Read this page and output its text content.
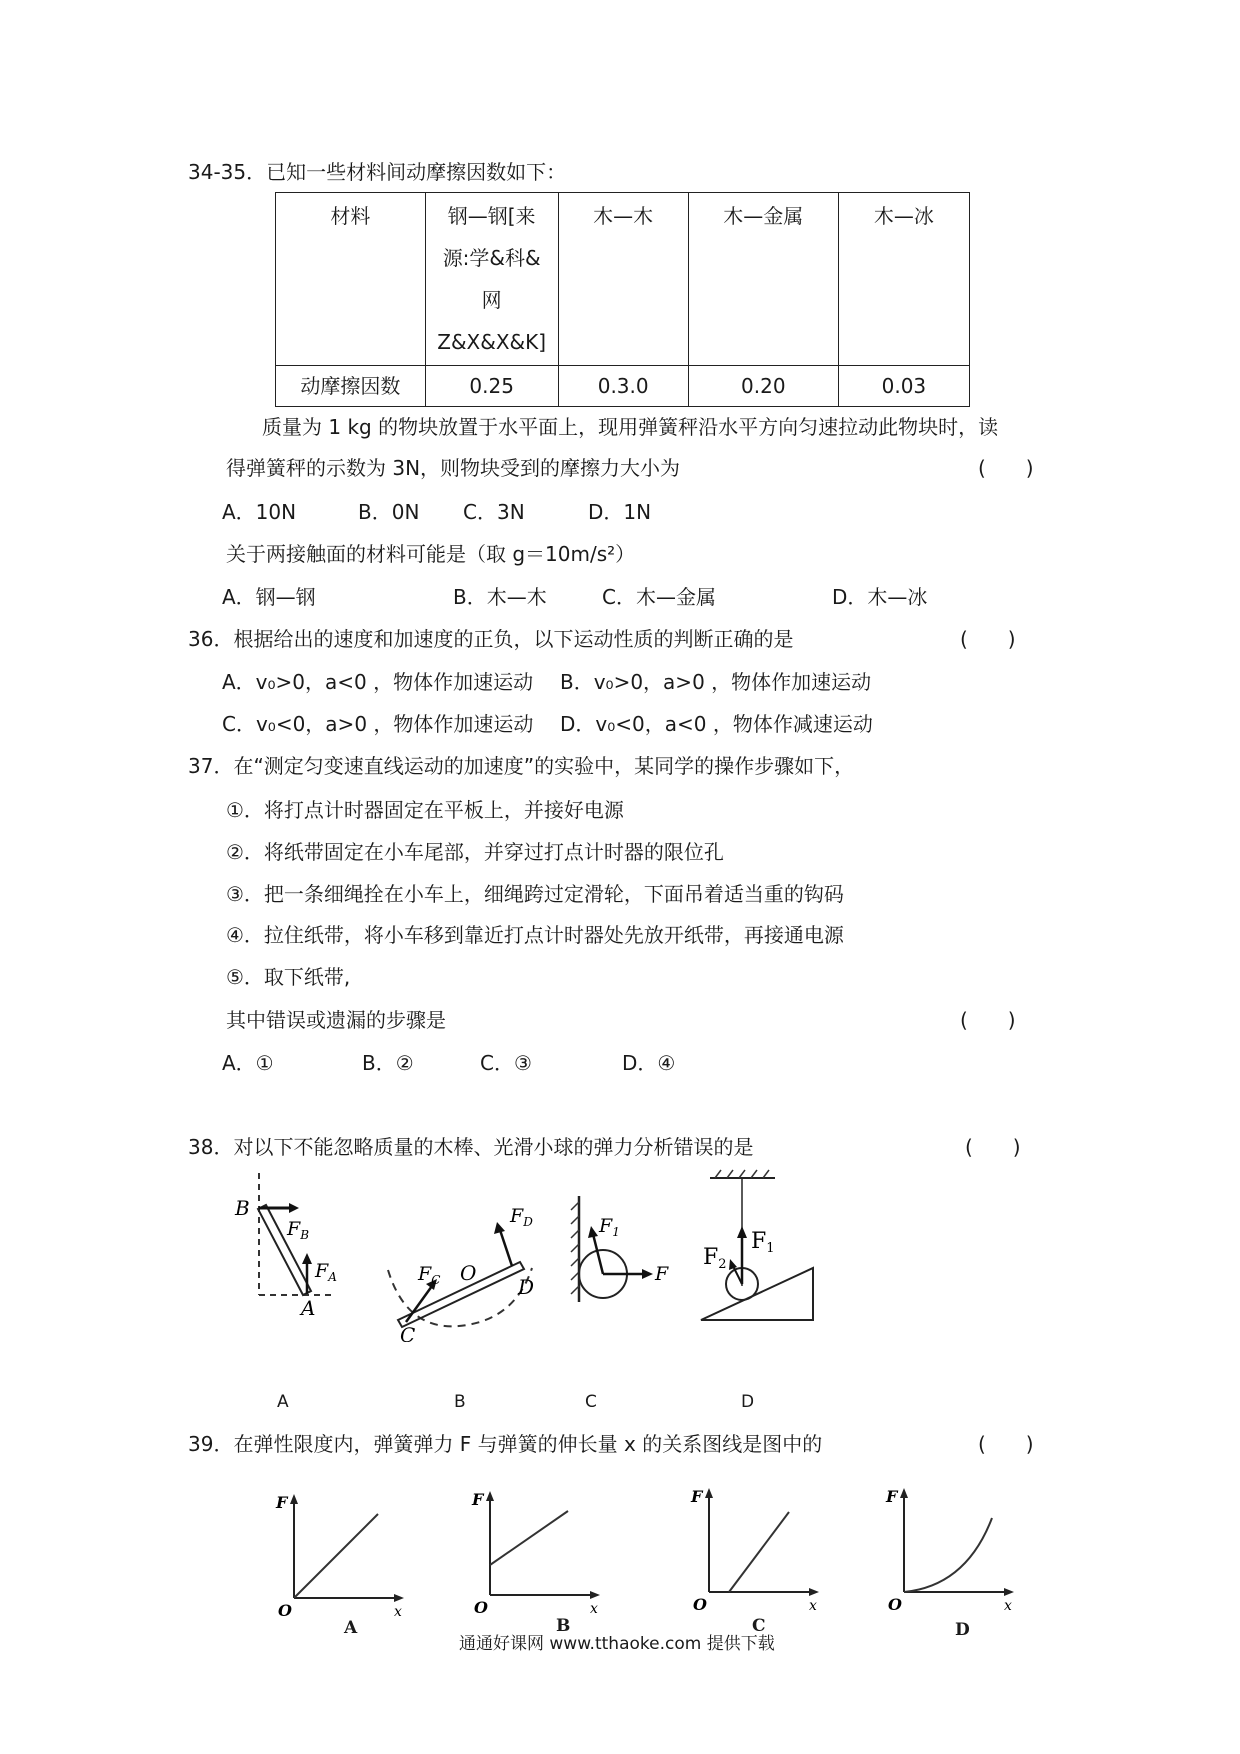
34-35．已知一些材料间动摩擦因数如下：
材料	钢—钢[来
源:学&科&
网
Z&X&X&K]	木—木	木—金属	木—冰
动摩擦因数	0.25	0.3.0	0.20	0.03
质量为 1 kg 的物块放置于水平面上，现用弹簧秤沿水平方向匀速拉动此物块时，读
得弹簧秤的示数为 3N，则物块受到的摩擦力大小为	(　　)
A．10N	B．0N C．3N	D．1N
关于两接触面的材料可能是（取 g＝10m/s²）
A．钢—钢	B．木—木	C．木—金属	D．木—冰
36．根据给出的速度和加速度的正负，以下运动性质的判断正确的是	(　　)
A．v₀>0，a<0 ，物体作加速运动 B．v₀>0，a>0 ，物体作加速运动
C．v₀<0，a>0 ，物体作加速运动 D．v₀<0，a<0 ，物体作减速运动
37．在“测定匀变速直线运动的加速度”的实验中，某同学的操作步骤如下，
①．将打点计时器固定在平板上，并接好电源
②．将纸带固定在小车尾部，并穿过打点计时器的限位孔
③．把一条细绳拴在小车上，细绳跨过定滑轮，下面吊着适当重的钩码
④．拉住纸带，将小车移到靠近打点计时器处先放开纸带，再接通电源
⑤．取下纸带,
其中错误或遗漏的步骤是	(　　)
A．①	B．②	C．③	D．④
38．对以下不能忽略质量的木棒、光滑小球的弹力分析错误的是	(　　)
B
$F_B$
$F_A$
A
$F_C$ O
$F_D$
C
D
$F_1$
F
F2
F1
A	B	C	D
39．在弹性限度内，弹簧弹力 F 与弹簧的伸长量 x 的关系图线是图中的	(　　)
F
O	x
F
O	x
F
O	x
F
O	x
A	B	C	D
通通好课网 www.tthaoke.com 提供下载
